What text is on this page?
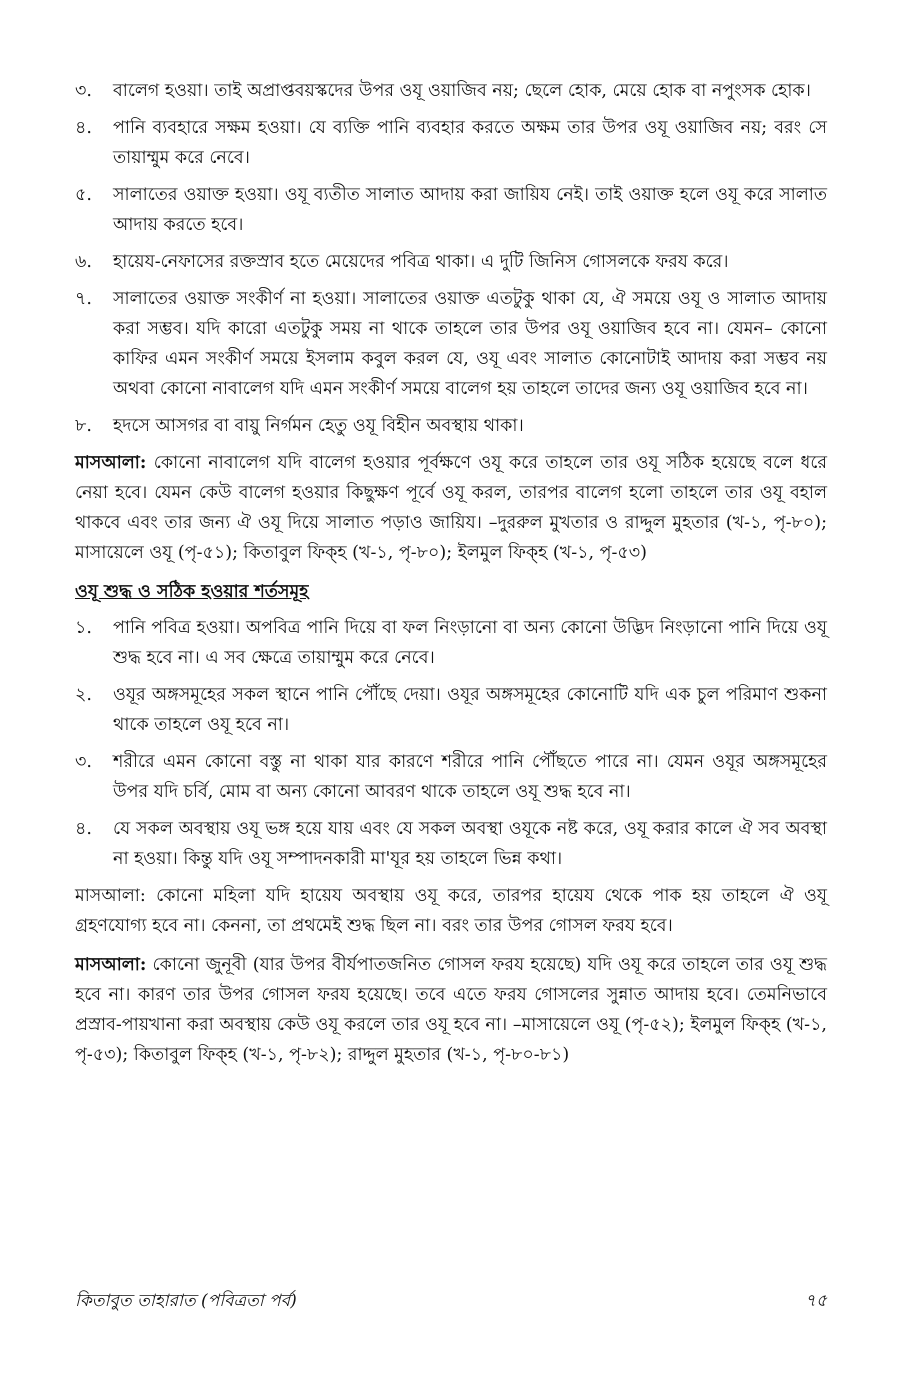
৩.	বালেগ হওয়া। তাই অপ্রাপ্তবয়স্কদের উপর ওযূ ওয়াজিব নয়; ছেলে হোক, মেয়ে হোক বা নপুংসক হোক।
৪.	পানি ব্যবহারে সক্ষম হওয়া। যে ব্যক্তি পানি ব্যবহার করতে অক্ষম তার উপর ওযূ ওয়াজিব নয়; বরং সে তায়াম্মুম করে নেবে।
৫.	সালাতের ওয়াক্ত হওয়া। ওযূ ব্যতীত সালাত আদায় করা জায়িয নেই। তাই ওয়াক্ত হলে ওযূ করে সালাত আদায় করতে হবে।
৬.	হায়েয-নেফাসের রক্তস্রাব হতে মেয়েদের পবিত্র থাকা। এ দুটি জিনিস গোসলকে ফরয করে।
৭.	সালাতের ওয়াক্ত সংকীর্ণ না হওয়া। সালাতের ওয়াক্ত এতটুকু থাকা যে, ঐ সময়ে ওযূ ও সালাত আদায় করা সম্ভব। যদি কারো এতটুকু সময় না থাকে তাহলে তার উপর ওযূ ওয়াজিব হবে না। যেমন– কোনো কাফির এমন সংকীর্ণ সময়ে ইসলাম কবুল করল যে, ওযূ এবং সালাত কোনোটাই আদায় করা সম্ভব নয় অথবা কোনো নাবালেগ যদি এমন সংকীর্ণ সময়ে বালেগ হয় তাহলে তাদের জন্য ওযূ ওয়াজিব হবে না।
৮.	হদসে আসগর বা বায়ু নির্গমন হেতু ওযূ বিহীন অবস্থায় থাকা।

মাসআলা: কোনো নাবালেগ যদি বালেগ হওয়ার পূর্বক্ষণে ওযূ করে তাহলে তার ওযূ সঠিক হয়েছে বলে ধরে নেয়া হবে। যেমন কেউ বালেগ হওয়ার কিছুক্ষণ পূর্বে ওযূ করল, তারপর বালেগ হলো তাহলে তার ওযূ বহাল থাকবে এবং তার জন্য ঐ ওযূ দিয়ে সালাত পড়াও জায়িয। –দুররুল মুখতার ও রাদ্দুল মুহতার (খ-১, পৃ-৮০); মাসায়েলে ওযূ (পৃ-৫১); কিতাবুল ফিক্হ (খ-১, পৃ-৮০); ইলমুল ফিক্হ (খ-১, পৃ-৫৩)

ওযূ শুদ্ধ ও সঠিক হওয়ার শর্তসমূহ
১.	পানি পবিত্র হওয়া। অপবিত্র পানি দিয়ে বা ফল নিংড়ানো বা অন্য কোনো উদ্ভিদ নিংড়ানো পানি দিয়ে ওযূ শুদ্ধ হবে না। এ সব ক্ষেত্রে তায়াম্মুম করে নেবে।
২.	ওযূর অঙ্গসমূহের সকল স্থানে পানি পৌঁছে দেয়া। ওযূর অঙ্গসমূহের কোনোটি যদি এক চুল পরিমাণ শুকনা থাকে তাহলে ওযূ হবে না।
৩.	শরীরে এমন কোনো বস্তু না থাকা যার কারণে শরীরে পানি পৌঁছতে পারে না। যেমন ওযূর অঙ্গসমূহের উপর যদি চর্বি, মোম বা অন্য কোনো আবরণ থাকে তাহলে ওযূ শুদ্ধ হবে না।
৪.	যে সকল অবস্থায় ওযূ ভঙ্গ হয়ে যায় এবং যে সকল অবস্থা ওযূকে নষ্ট করে, ওযূ করার কালে ঐ সব অবস্থা না হওয়া। কিন্তু যদি ওযূ সম্পাদনকারী মা'যূর হয় তাহলে ভিন্ন কথা।

মাসআলা: কোনো মহিলা যদি হায়েয অবস্থায় ওযূ করে, তারপর হায়েয থেকে পাক হয় তাহলে ঐ ওযূ গ্রহণযোগ্য হবে না। কেননা, তা প্রথমেই শুদ্ধ ছিল না। বরং তার উপর গোসল ফরয হবে।

মাসআলা: কোনো জুনূবী (যার উপর বীর্যপাতজনিত গোসল ফরয হয়েছে) যদি ওযূ করে তাহলে তার ওযূ শুদ্ধ হবে না। কারণ তার উপর গোসল ফরয হয়েছে। তবে এতে ফরয গোসলের সুন্নাত আদায় হবে। তেমনিভাবে প্রস্রাব-পায়খানা করা অবস্থায় কেউ ওযূ করলে তার ওযূ হবে না। –মাসায়েলে ওযূ (পৃ-৫২); ইলমুল ফিক্হ (খ-১, পৃ-৫৩); কিতাবুল ফিক্হ (খ-১, পৃ-৮২); রাদ্দুল মুহতার (খ-১, পৃ-৮০-৮১)

কিতাবুত তাহারাত (পবিত্রতা পর্ব)	৭৫
